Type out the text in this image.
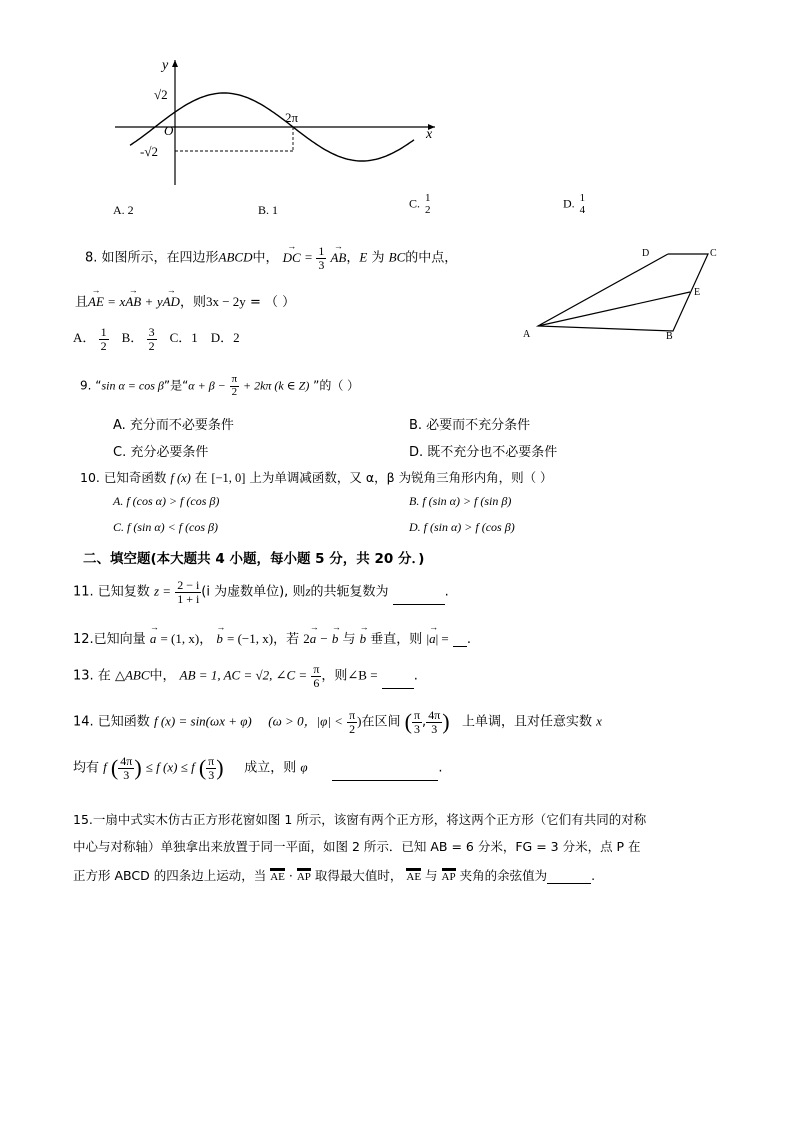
y
x
O
√2
-√2
2π
A. 2	B. 1	C. 1
2	D. 1
4
8. 如图所示，在四边形ABCD中， → DC = $\frac{1}{3}$ → AB，E 为 BC的中点，
且→ AE = x→ AB + y→ AD，则3x − 2y = （ ）
A． $\frac{1}{2}$ B． $\frac{3}{2}$ C．1 D．2
D	C
E
A	B
9. “sin α = cos β”是“$\alpha + \beta - \frac{\pi}{2} + 2k\pi$ (k ∈ Z) ”的（ ）
A. 充分而不必要条件	B. 必要而不充分条件
C. 充分必要条件	D. 既不充分也不必要条件
10. 已知奇函数 f (x) 在 [−1, 0] 上为单调减函数，又 α，β 为锐角三角形内角，则（ ）
A. f (cos α) > f (cos β)	B. f (sin α) > f (sin β)
C. f (sin α) < f (cos β)	D. f (sin α) > f (cos β)
二、填空题(本大题共 4 小题，每小题 5 分，共 20 分．)
11. 已知复数 $z = \frac{2 - i}{1 + i} (i$ 为虚数单位), 则z的共轭复数为	.
12.已知向量 → a = (1, x)， → b = (−1, x)，若 2→ a − → b 与 → b 垂直，则 |→ a| = .
13. 在 △ABC中， AB = 1, AC = √2, ∠C = $\frac{\pi}{6}$ ，则∠B =	.
14. 已知函数 f (x) = sin(ωx + φ) (ω > 0，$|\varphi| < \frac{\pi}{2}$ )在区间 ( $\frac{\pi}{3}$ , $\frac{4\pi}{3}$ ) 上单调，且对任意实数 x
均有 f ( $\frac{4\pi}{3}$ ) ≤ f (x) ≤ f ( $\frac{\pi}{3}$ ) 成立，则 φ	.
15.一扇中式实木仿古正方形花窗如图 1 所示，该窗有两个正方形，将这两个正方形（它们有共同的对称
中心与对称轴）单独拿出来放置于同一平面，如图 2 所示．已知 AB = 6 分米，FG = 3 分米，点 P 在
正方形 ABCD 的四条边上运动，当 AE · AP 取得最大值时， AE 与 AP 夹角的余弦值为	.
